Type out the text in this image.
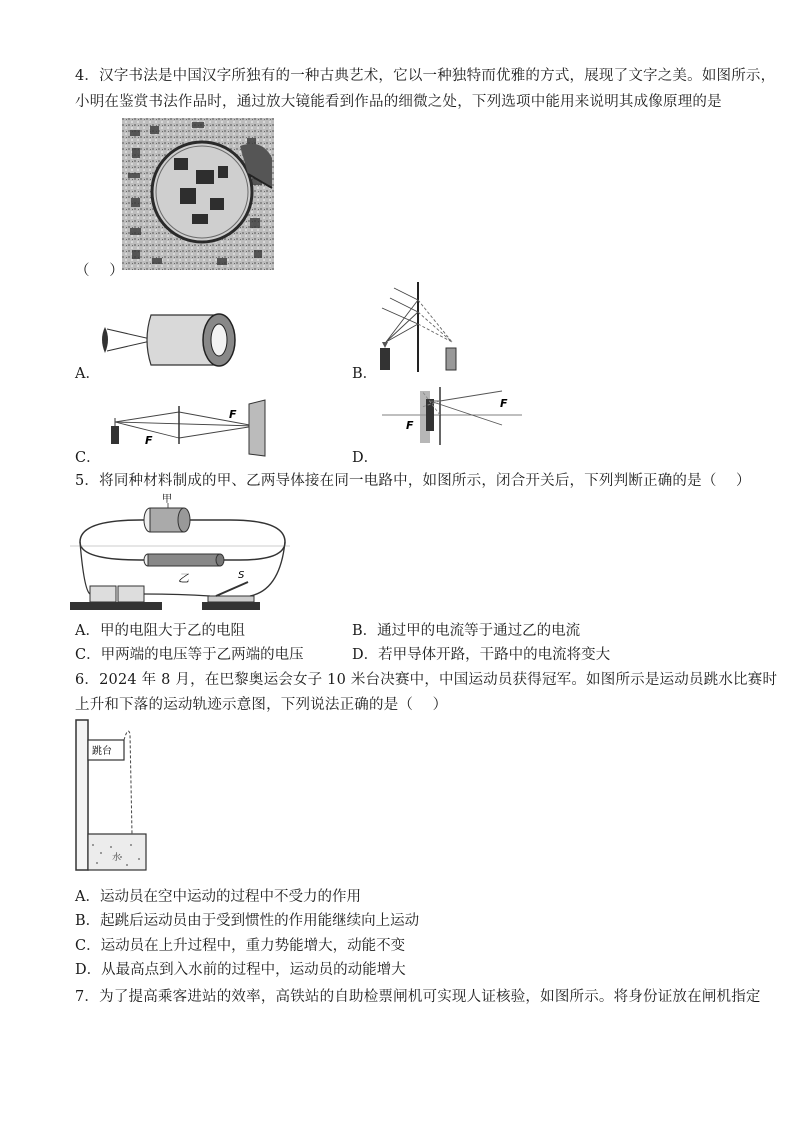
4．汉字书法是中国汉字所独有的一种古典艺术，它以一种独特而优雅的方式，展现了文字之美。如图所示，
小明在鉴赏书法作品时，通过放大镜能看到作品的细微之处，下列选项中能用来说明其成像原理的是
（　 ）
A．	B．
C．
F
F
D．
F
F
5．将同种材料制成的甲、乙两导体接在同一电路中，如图所示，闭合开关后，下列判断正确的是（　 ）
甲
乙	S
A．甲的电阻大于乙的电阻	B．通过甲的电流等于通过乙的电流
C．甲两端的电压等于乙两端的电压	D．若甲导体开路，干路中的电流将变大
6．2024 年 8 月，在巴黎奥运会女子 10 米台决赛中，中国运动员获得冠军。如图所示是运动员跳水比赛时
上升和下落的运动轨迹示意图，下列说法正确的是（　 ）
跳台
水
A．运动员在空中运动的过程中不受力的作用
B．起跳后运动员由于受到惯性的作用能继续向上运动
C．运动员在上升过程中，重力势能增大，动能不变
D．从最高点到入水前的过程中，运动员的动能增大
7．为了提高乘客进站的效率，高铁站的自助检票闸机可实现人证核验，如图所示。将身份证放在闸机指定
